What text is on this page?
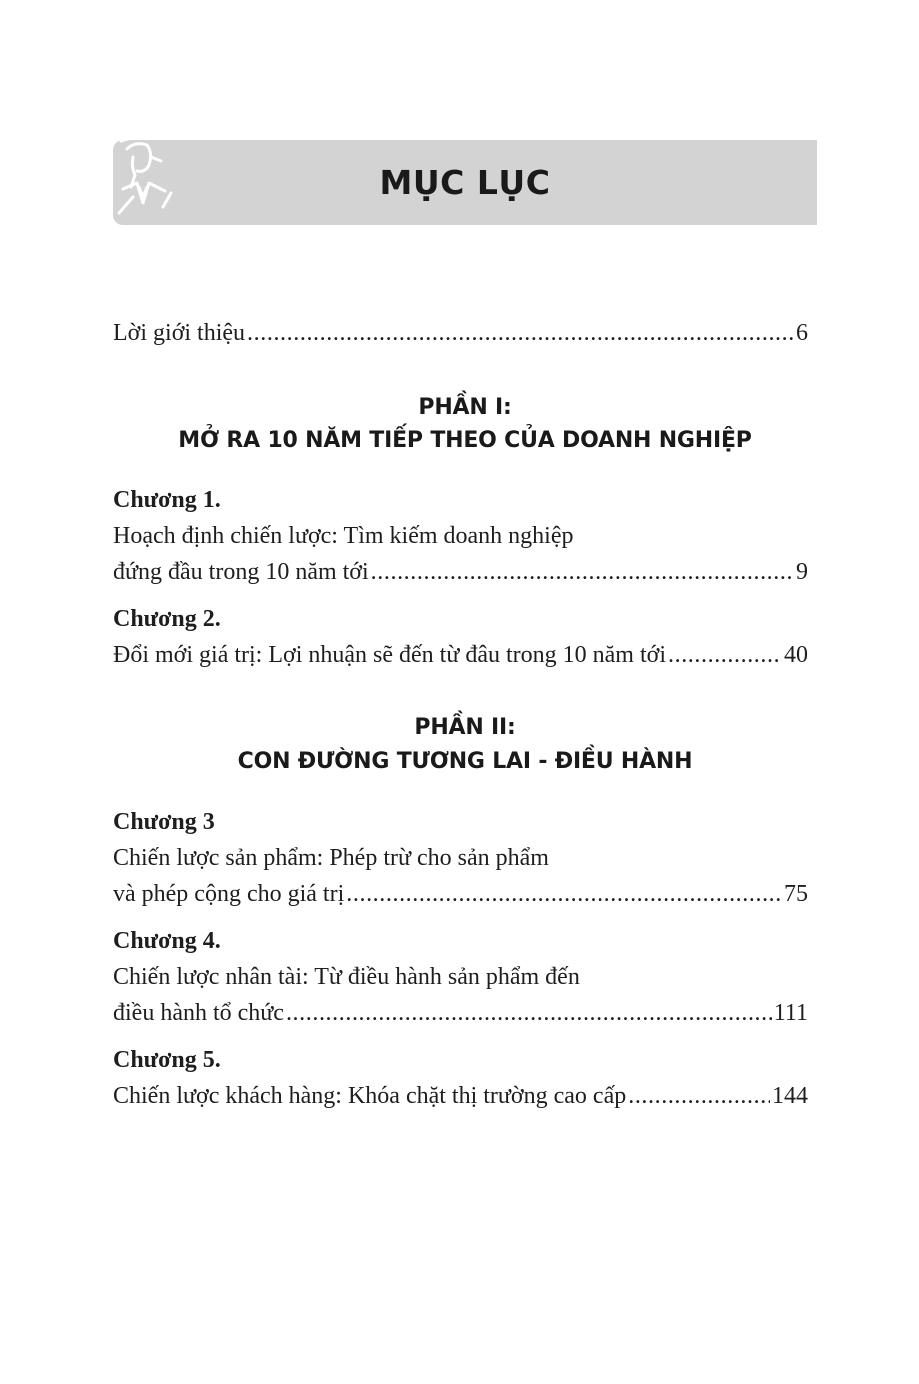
MỤC LỤC
Lời giới thiệu .....	6
Chương 1.
Hoạch định chiến lược: Tìm kiếm doanh nghiệp
đứng đầu trong 10 năm tới .....	9
Chương 2.
Đổi mới giá trị: Lợi nhuận sẽ đến từ đâu trong 10 năm tới .....	40
Chương 3
Chiến lược sản phẩm: Phép trừ cho sản phẩm
và phép cộng cho giá trị .....	75
Chương 4.
Chiến lược nhân tài: Từ điều hành sản phẩm đến
điều hành tổ chức .....	111
Chương 5.
Chiến lược khách hàng: Khóa chặt thị trường cao cấp .....	144
PHẦN I:
MỞ RA 10 NĂM TIẾP THEO CỦA DOANH NGHIỆP
PHẦN II:
CON ĐƯỜNG TƯƠNG LAI - ĐIỀU HÀNH
